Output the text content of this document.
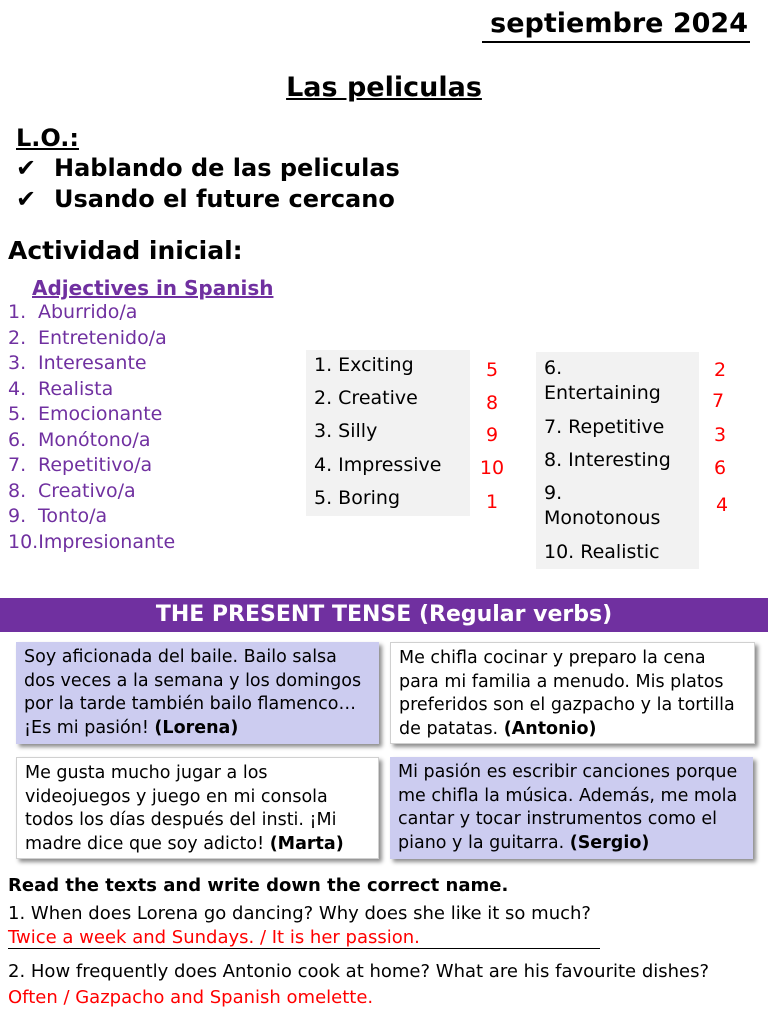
septiembre 2024
Las peliculas
L.O.:
✔ Hablando de las peliculas
✔ Usando el future cercano
Actividad inicial:
Adjectives in Spanish
1. Aburrido/a
2. Entretenido/a
3. Interesante
4. Realista
5. Emocionante
6. Monótono/a
7. Repetitivo/a
8. Creativo/a
9. Tonto/a
10.Impresionante
1. Exciting
2. Creative
3. Silly
4. Impressive
5. Boring
5
8
9
10
1
6.
Entertaining
7. Repetitive
8. Interesting
9.
Monotonous
10. Realistic
2
7
3
6
4
THE PRESENT TENSE (Regular verbs)
Soy aficionada del baile. Bailo salsa dos veces a la semana y los domingos por la tarde también bailo flamenco… ¡Es mi pasión! (Lorena)
Me chifla cocinar y preparo la cena para mi familia a menudo. Mis platos preferidos son el gazpacho y la tortilla de patatas. (Antonio)
Me gusta mucho jugar a los videojuegos y juego en mi consola todos los días después del insti. ¡Mi madre dice que soy adicto! (Marta)
Mi pasión es escribir canciones porque me chifla la música. Además, me mola cantar y tocar instrumentos como el piano y la guitarra. (Sergio)
Read the texts and write down the correct name.
1. When does Lorena go dancing? Why does she like it so much?
Twice a week and Sundays. / It is her passion.
2. How frequently does Antonio cook at home? What are his favourite dishes?
Often / Gazpacho and Spanish omelette.
